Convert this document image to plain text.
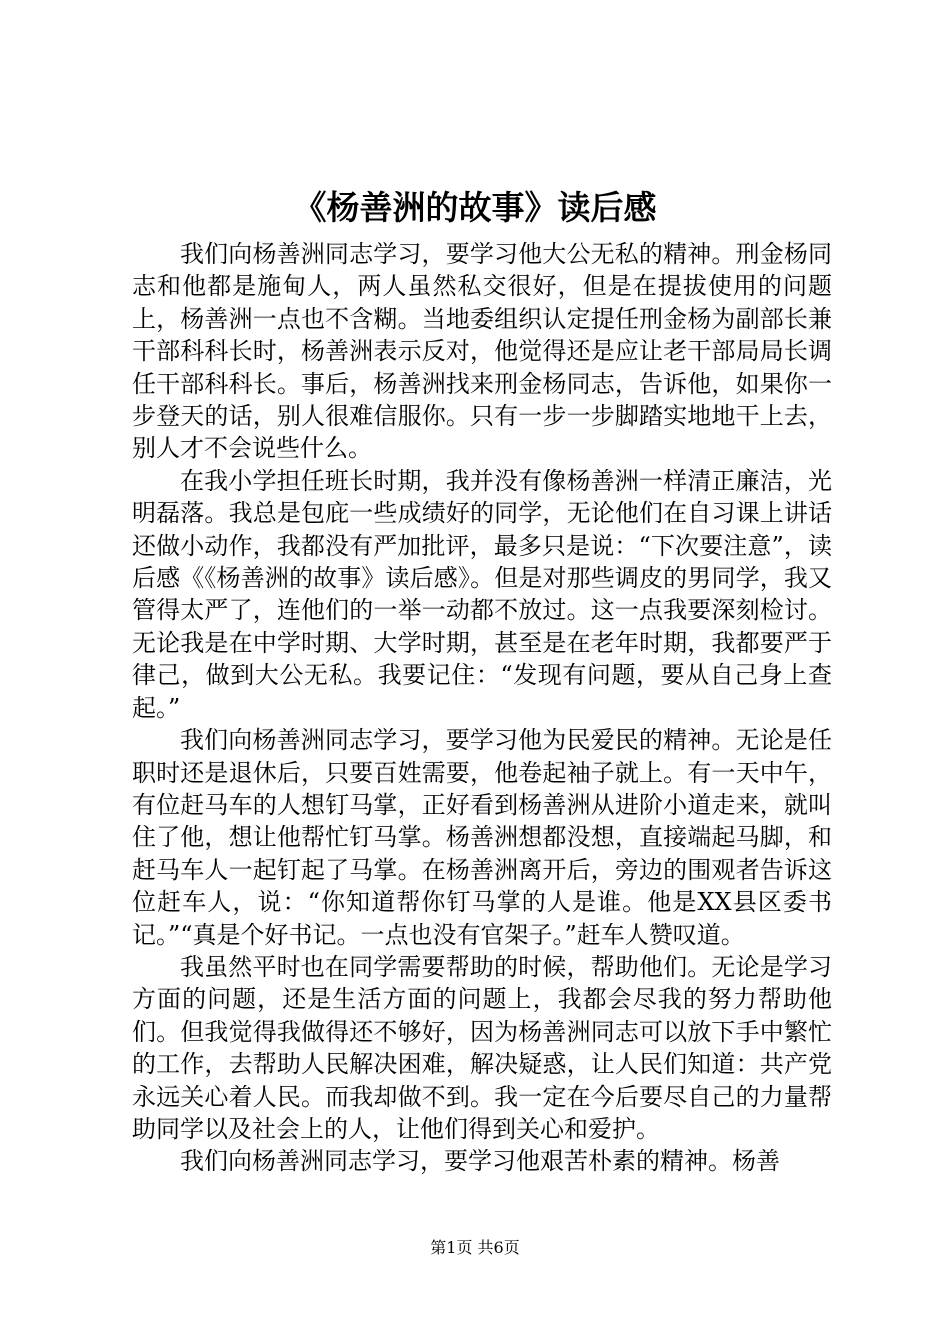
《杨善洲的故事》读后感

我们向杨善洲同志学习，要学习他大公无私的精神。刑金杨同志和他都是施甸人，两人虽然私交很好，但是在提拔使用的问题上，杨善洲一点也不含糊。当地委组织认定提任刑金杨为副部长兼干部科科长时，杨善洲表示反对，他觉得还是应让老干部局局长调任干部科科长。事后，杨善洲找来刑金杨同志，告诉他，如果你一步登天的话，别人很难信服你。只有一步一步脚踏实地地干上去，别人才不会说些什么。

在我小学担任班长时期，我并没有像杨善洲一样清正廉洁，光明磊落。我总是包庇一些成绩好的同学，无论他们在自习课上讲话还做小动作，我都没有严加批评，最多只是说：“下次要注意”，读后感《《杨善洲的故事》读后感》。但是对那些调皮的男同学，我又管得太严了，连他们的一举一动都不放过。这一点我要深刻检讨。无论我是在中学时期、大学时期，甚至是在老年时期，我都要严于律己，做到大公无私。我要记住：“发现有问题，要从自己身上查起。”

我们向杨善洲同志学习，要学习他为民爱民的精神。无论是任职时还是退休后，只要百姓需要，他卷起袖子就上。有一天中午，有位赶马车的人想钉马掌，正好看到杨善洲从进阶小道走来，就叫住了他，想让他帮忙钉马掌。杨善洲想都没想，直接端起马脚，和赶马车人一起钉起了马掌。在杨善洲离开后，旁边的围观者告诉这位赶车人，说：“你知道帮你钉马掌的人是谁。他是XX县区委书记。”“真是个好书记。一点也没有官架子。”赶车人赞叹道。

我虽然平时也在同学需要帮助的时候，帮助他们。无论是学习方面的问题，还是生活方面的问题上，我都会尽我的努力帮助他们。但我觉得我做得还不够好，因为杨善洲同志可以放下手中繁忙的工作，去帮助人民解决困难，解决疑惑，让人民们知道：共产党永远关心着人民。而我却做不到。我一定在今后要尽自己的力量帮助同学以及社会上的人，让他们得到关心和爱护。

我们向杨善洲同志学习，要学习他艰苦朴素的精神。杨善

第1页 共6页
